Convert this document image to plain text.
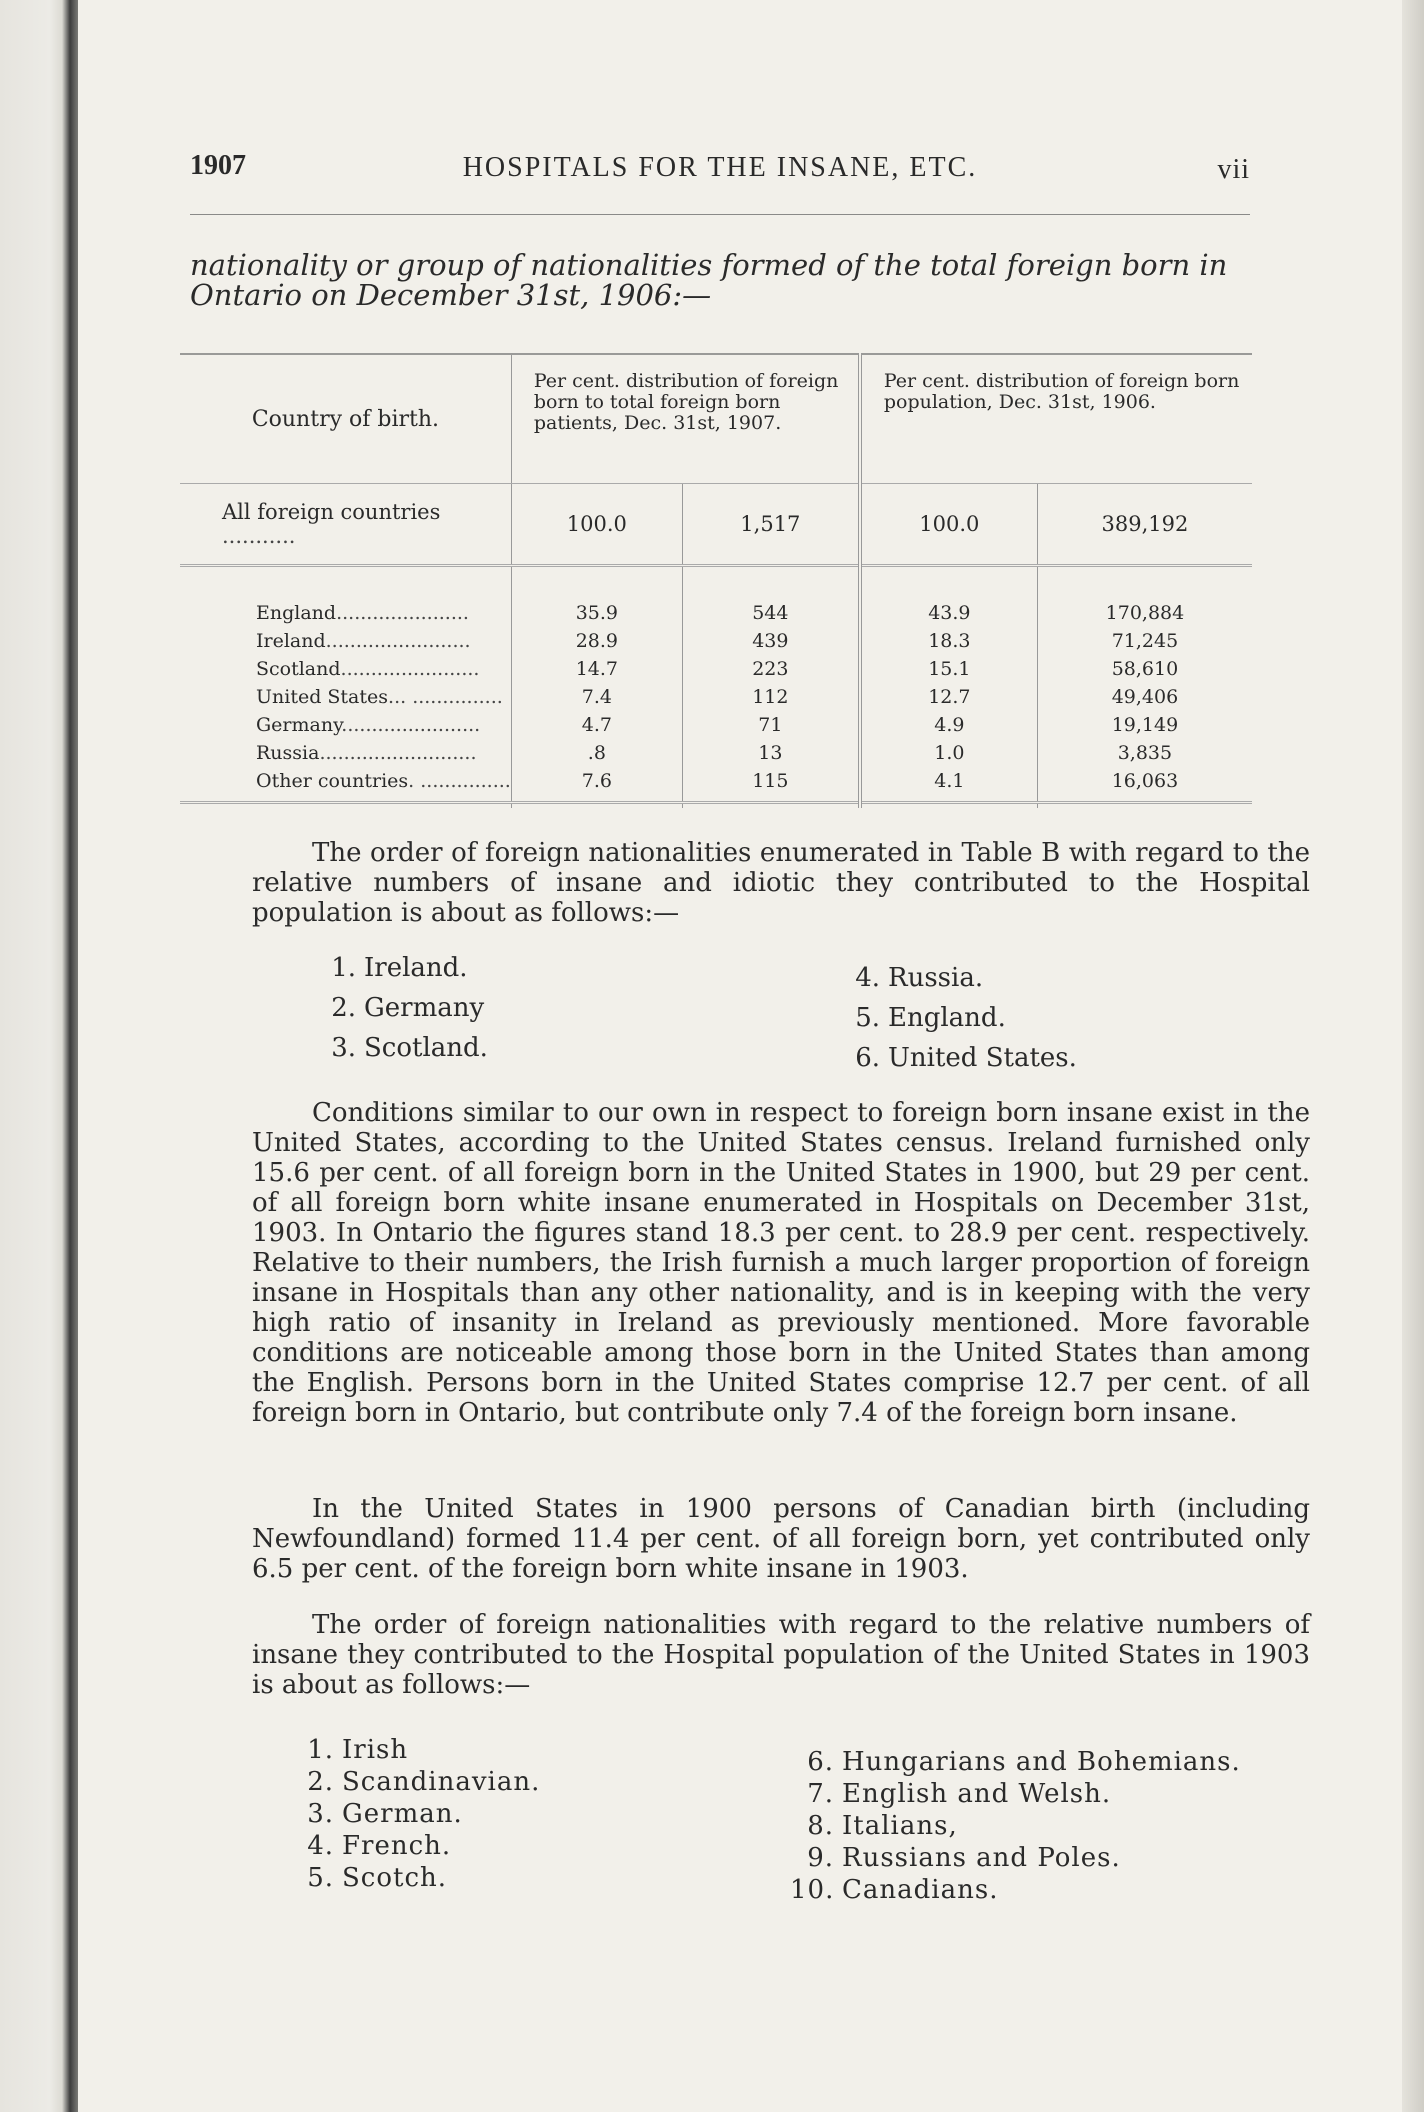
1907	HOSPITALS FOR THE INSANE, ETC.	vii
nationality or group of nationalities formed of the total foreign born in Ontario on December 31st, 1906:—
Country of birth.	Per cent. distribution of foreign born to total foreign born patients, Dec. 31st, 1907.		Per cent. distribution of foreign born population, Dec. 31st, 1906.	
All foreign countries ...........	100.0	1,517	100.0	389,192
England......................	35.9	544	43.9	170,884
Ireland........................	28.9	439	18.3	71,245
Scotland.......................	14.7	223	15.1	58,610
United States... ...............	7.4	112	12.7	49,406
Germany.......................	4.7	71	4.9	19,149
Russia..........................	.8	13	1.0	3,835
Other countries. ...............	7.6	115	4.1	16,063

The order of foreign nationalities enumerated in Table B with regard to the relative numbers of insane and idiotic they contributed to the Hospital population is about as follows:—

1. Ireland.
2. Germany
3. Scotland.
4. Russia.
5. England.
6. United States.

Conditions similar to our own in respect to foreign born insane exist in the United States, according to the United States census. Ireland furnished only 15.6 per cent. of all foreign born in the United States in 1900, but 29 per cent. of all foreign born white insane enumerated in Hospitals on December 31st, 1903. In Ontario the figures stand 18.3 per cent. to 28.9 per cent. respectively. Relative to their numbers, the Irish furnish a much larger proportion of foreign insane in Hospitals than any other nationality, and is in keeping with the very high ratio of insanity in Ireland as previously mentioned. More favorable conditions are noticeable among those born in the United States than among the English. Persons born in the United States comprise 12.7 per cent. of all foreign born in Ontario, but contribute only 7.4 of the foreign born insane.

In the United States in 1900 persons of Canadian birth (including Newfoundland) formed 11.4 per cent. of all foreign born, yet contributed only 6.5 per cent. of the foreign born white insane in 1903.

The order of foreign nationalities with regard to the relative numbers of insane they contributed to the Hospital population of the United States in 1903 is about as follows:—

1. Irish
2. Scandinavian.
3. German.
4. French.
5. Scotch.
6. Hungarians and Bohemians.
7. English and Welsh.
8. Italians,
9. Russians and Poles.
10. Canadians.
